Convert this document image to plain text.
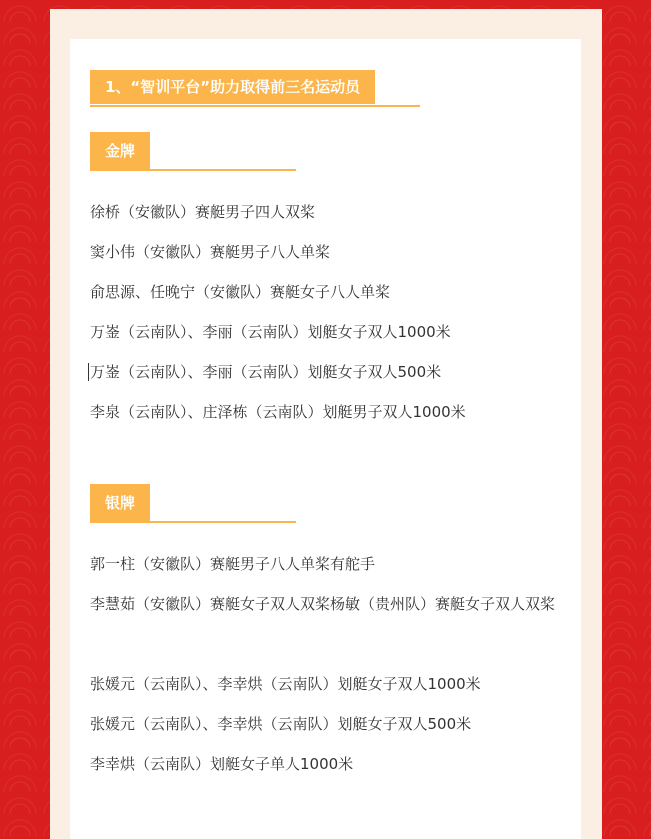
1、“智训平台”助力取得前三名运动员
金牌
徐桥（安徽队）赛艇男子四人双桨
窦小伟（安徽队）赛艇男子八人单桨
俞思源、任晚宁（安徽队）赛艇女子八人单桨
万崟（云南队）、李丽（云南队）划艇女子双人1000米
万崟（云南队）、李丽（云南队）划艇女子双人500米
李泉（云南队）、庄泽栋（云南队）划艇男子双人1000米
银牌
郭一柱（安徽队）赛艇男子八人单桨有舵手
李慧茹（安徽队）赛艇女子双人双桨杨敏（贵州队）赛艇女子双人双桨
张媛元（云南队）、李幸烘（云南队）划艇女子双人1000米
张媛元（云南队）、李幸烘（云南队）划艇女子双人500米
李幸烘（云南队）划艇女子单人1000米
